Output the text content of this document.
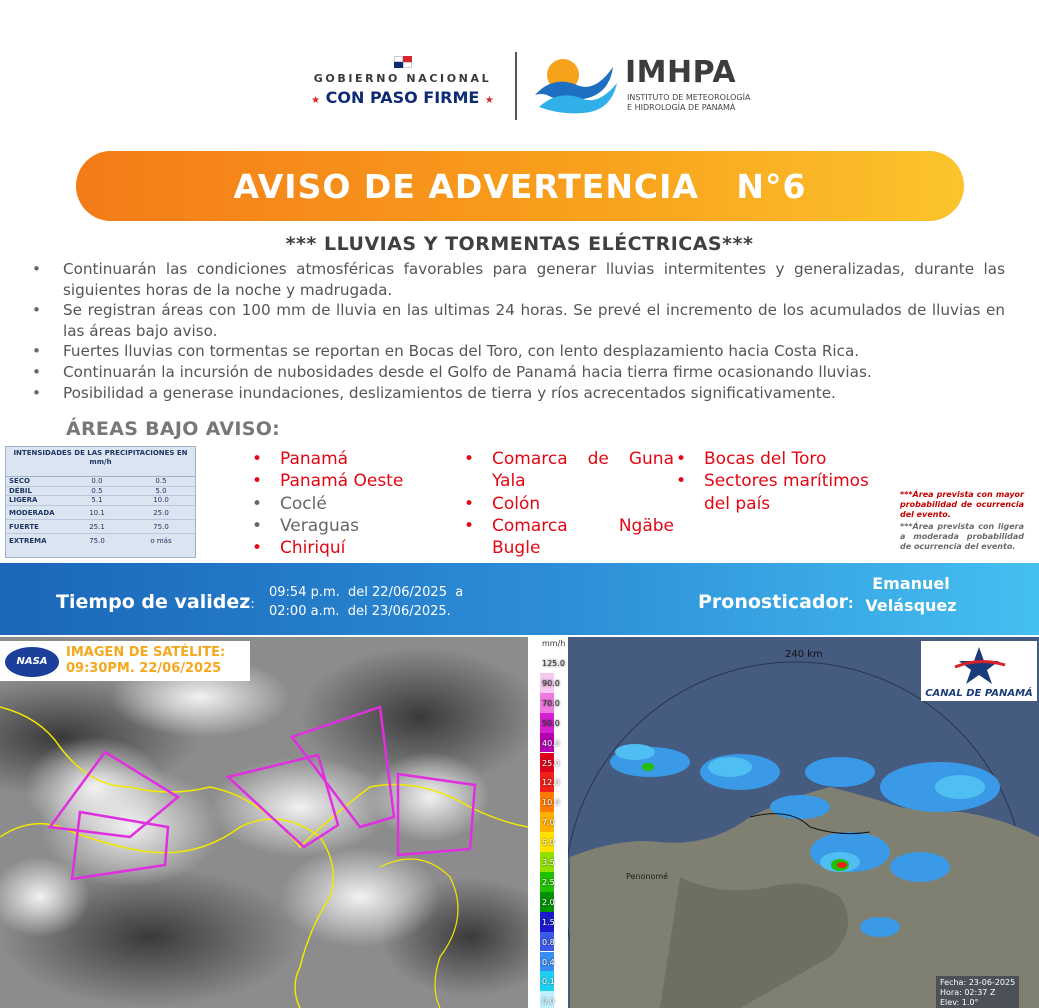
GOBIERNO NACIONAL
★ CON PASO FIRME ★
IMHPA
INSTITUTO DE METEOROLOGÍA
E HIDROLOGÍA DE PANAMÁ
AVISO DE ADVERTENCIA   N°6
*** LLUVIAS Y TORMENTAS ELÉCTRICAS***
• Continuarán las condiciones atmosféricas favorables para generar lluvias intermitentes y generalizadas, durante las siguientes horas de la noche y madrugada.
• Se registran áreas con 100 mm de lluvia en las ultimas 24 horas. Se prevé el incremento de los acumulados de lluvias en las áreas bajo aviso.
• Fuertes lluvias con tormentas se reportan en Bocas del Toro, con lento desplazamiento hacia Costa Rica.
• Continuarán la incursión de nubosidades desde el Golfo de Panamá hacia tierra firme ocasionando lluvias.
• Posibilidad a generase inundaciones, deslizamientos de tierra y ríos acrecentados significativamente.
ÁREAS BAJO AVISO:
INTENSIDADES DE LAS PRECIPITACIONES EN mm/h
SECO	0.0	0.5
DÉBIL	0.5	5.0
LIGERA	5.1	10.0
MODERADA	10.1	25.0
FUERTE	25.1	75.0
EXTREMA	75.0	o más
• Panamá
• Panamá Oeste
• Coclé
• Veraguas
• Chiriquí
• Comarca de Guna
Yala
• Colón
• Comarca Ngäbe
Bugle
• Bocas del Toro
• Sectores marítimos
del país	***Área prevista con mayor probabilidad de ocurrencia del evento.
***Área prevista con ligera a moderada probabilidad de ocurrencia del evento.
Tiempo de validez:
09:54 p.m.  del 22/06/2025  a
02:00 a.m.  del 23/06/2025.	Pronosticador:
Emanuel
Velásquez
NASA
IMAGEN DE SATÉLITE:
09:30PM. 22/06/2025
mm/h
125.0
90.0
70.0
50.0
40.0
25.0
12.0
10.0
7.0
5.0
3.5
2.5
2.0
1.5
0.8
0.4
0.1
0.0
240 km
Penonomé
CANAL DE PANAMÁ
Fecha: 23-06-2025
Hora: 02:37 Z
Elev: 1.0°
